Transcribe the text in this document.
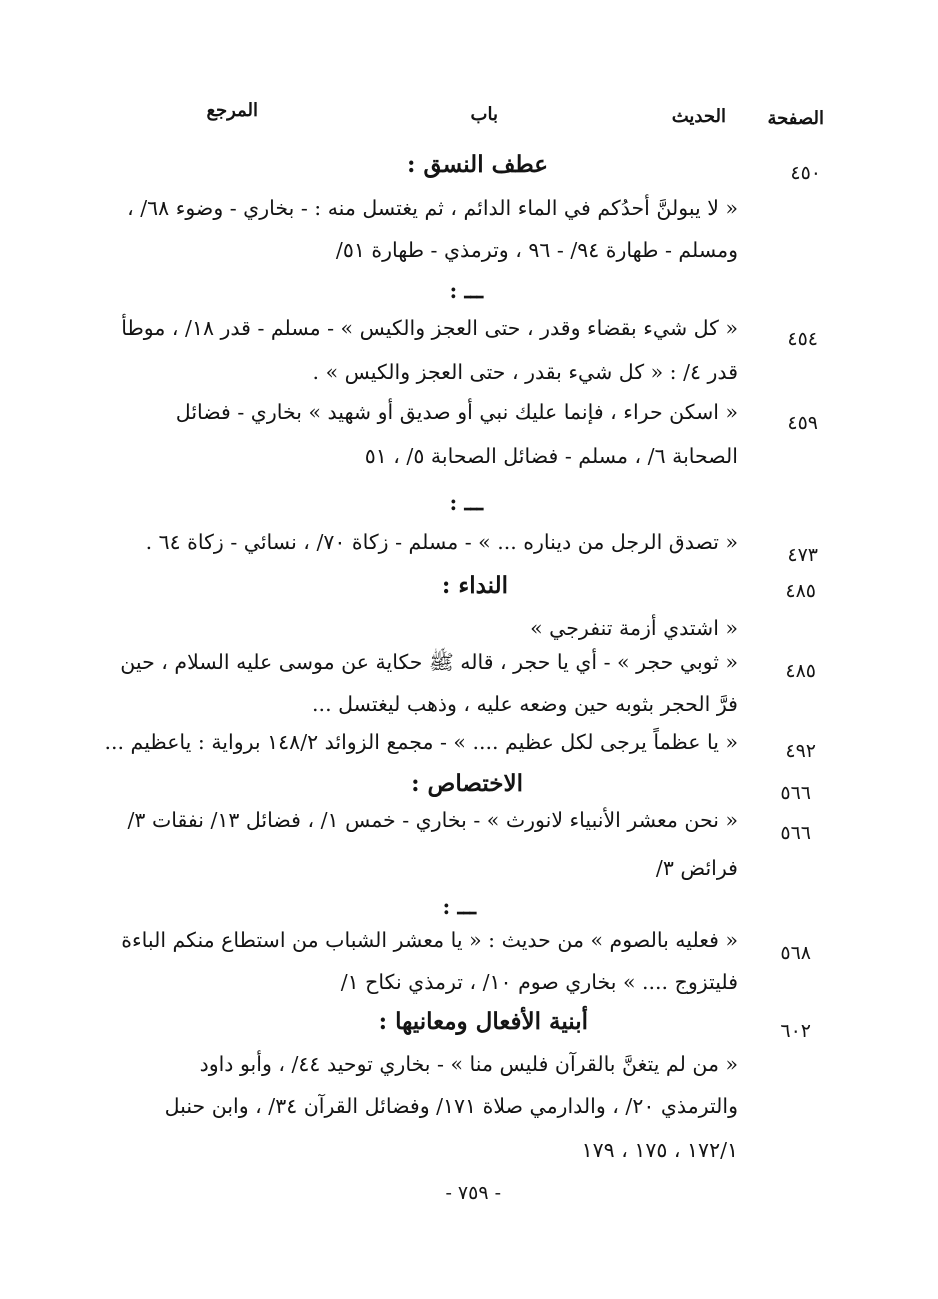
الصفحة
الحديث
باب
المرجع
٤٥٠
عطف النسق :
« لا يبولنَّ أحدُكم في الماء الدائم ، ثم يغتسل منه : - بخاري - وضوء ٦٨/ ،
ومسلم - طهارة ٩٤/ - ٩٦ ، وترمذي - طهارة ٥١/
ـــ :
٤٥٤
« كل شيء بقضاء وقدر ، حتى العجز والكيس » - مسلم - قدر ١٨/ ، موطأ
قدر ٤/ : « كل شيء بقدر ، حتى العجز والكيس » .
٤٥٩
« اسكن حراء ، فإنما عليك نبي أو صديق أو شهيد » بخاري - فضائل
الصحابة ٦/ ، مسلم - فضائل الصحابة ٥/ ، ٥١
ـــ :
٤٧٣
« تصدق الرجل من ديناره ... » - مسلم - زكاة ٧٠/ ، نسائي - زكاة ٦٤ .
٤٨٥
النداء :
« اشتدي أزمة تنفرجي »
٤٨٥
« ثوبي حجر » - أي يا حجر ، قاله ﷺ حكاية عن موسى عليه السلام ، حين
فرَّ الحجر بثوبه حين وضعه عليه ، وذهب ليغتسل ...
٤٩٢
« يا عظماً يرجى لكل عظيم .... » - مجمع الزوائد ١٤٨/٢ برواية : ياعظيم ...
٥٦٦
الاختصاص :
٥٦٦
« نحن معشر الأنبياء لانورث » - بخاري - خمس ١/ ، فضائل ١٣/ نفقات ٣/
فرائض ٣/
ـــ :
٥٦٨
« فعليه بالصوم » من حديث : « يا معشر الشباب من استطاع منكم الباءة
فليتزوج .... » بخاري صوم ١٠/ ، ترمذي نكاح ١/
٦٠٢
أبنية الأفعال ومعانيها :
« من لم يتغنَّ بالقرآن فليس منا » - بخاري توحيد ٤٤/ ، وأبو داود
والترمذي ٢٠/ ، والدارمي صلاة ١٧١/ وفضائل القرآن ٣٤/ ، وابن حنبل
١٧٢/١ ، ١٧٥ ، ١٧٩
- ٧٥٩ -
